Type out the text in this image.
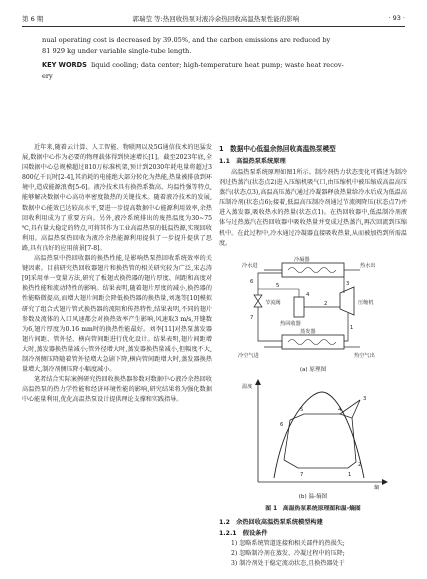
第 6 期	郭瑞莹 等:热回收热泵对液冷余热回收高温热泵性能的影响	· 93 ·
nual operating cost is decreased by 39.05%, and the carbon emissions are reduced by
81 929 kg under variable single-tube length.
KEY WORDS liquid cooling; data center; high-temperature heat pump; waste heat recov-
ery

近年来,随着云计算、人工智能、物联网以及5G通信技术的迅猛发展,数据中心作为必要的物理载体得到快速增长[1]。截至2023年底,全国数据中心总规模超过810万标准机架,预计到2030年耗电量将超过3 800亿千瓦时[2-4],其消耗的电能绝大部分转化为热能,热量被排放到环境中,造成能源浪费[5-6]。液冷技术具有换热系数高、均温性强等特点,能够解决数据中心高功率密度散热的关键技术。随着液冷技术的发展,数据中心能效已达较高水平,要进一步提高数据中心能源利用效率,余热回收利用成为了重要方向。另外,液冷系统排出的废热温度为30~75 ℃,具有量大稳定的特点,可将其作为工业高温热泵的低温热源,实现回收利用。高温热泵热回收为液冷余热能源利用提供了一步提升提供了思路,具有良好的应用前景[7-8]。

高温热泵中热回收器的换热性能,是影响热泵热回收系统效率的关键因素。目前研究热回收器翅片和换热管的相关研究较为广泛,宋志涛[9]采用单一变量方法,研究了板翅式换热器的翅片厚度、间距和高度对换热性能和流动特性的影响。结果表明,随着翅片厚度的减小,换热器的性能略微提高,而增大翅片间距会降低换热器的换热量,刘逸等[10]模拟研究了组合式翅片管式换热器的流阻和传热特性,结果表明,不同的翅片参数及流体的入口风速都会对换热效率产生影响,风速取3 m/s,开缝数为6,翅片厚度为0.16 mm时的换热性能最好。刘李[11]对热泵蒸发器翅片间距、管外径、横向管间距进行优化设计。结果表明,翅片间距增大时,蒸发器换热量减小;管外径增大时,蒸发器换热量减小,但幅度不大,制冷剂侧压降随着管外径增大急剧下降,横向管间距增大时,蒸发器换热量增大,制冷剂侧压降小幅度减小。

笔者结合实际案例研究热回收换热器参数对数据中心液冷余热回收高温热泵的热力学性能和经济环境性能的影响,研究结果将为强化数据中心能量利用,优化高温热泵设计提供理论支撑和实践指导。

1　数据中心低温余热回收高温热泵模型
1.1　高温热泵系统原理

高温热泵系统原理如图1所示。制冷剂热力状态变化可描述为制冷剂过热蒸汽(状态点2)进入压缩机吸气口,由压缩机中被压缩成高温高压蒸汽(状态点3),高温高压蒸汽通过冷凝器释放热量给冷水后成为低温高压制冷剂(状态点6);接着,低温高压制冷剂通过节流阀降压(状态点7)并进入蒸发器,吸收热水的热量(状态点1)。在热回收器中,低温制冷剂液体与过热蒸汽在热回收器中吸收热量并变成过热蒸汽,再次回流到压缩机中。在此过程中,冷水通过冷凝器直接吸收热量,从而被加热到所需温度。

冷凝器
冷水进	热水出
节流阀
热回收器
压缩机
蒸发器
冷空气进	热空气出
3
6
7
1
2
5
4
(a) 原理图
温度
熵
7	1
2
3
4
5
6
(b) 温-熵图
图 1　高温热泵系统原理图和温-熵图
1.2　余热回收高温热泵系统模型构建
1.2.1　假设条件

1) 忽略系统管道连接和相关部件的热损失;

2) 忽略制冷剂在蒸发、冷凝过程中的压降;

3) 制冷剂处于稳定流动状态,且换热器处于
